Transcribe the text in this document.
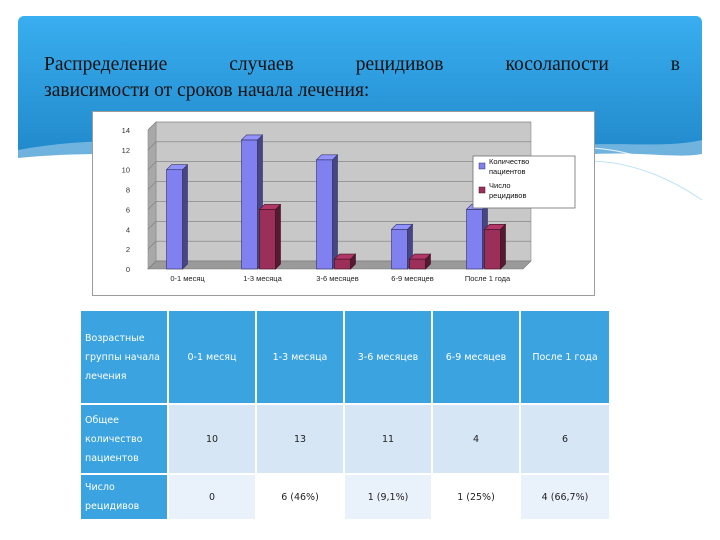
Распределение случаев рецидивов косолапости в
зависимости от сроков начала лечения:
0
2
4
6
8
10
12
14
0-1 месяц	1-3 месяца	3-6 месяцев	6-9 месяцев	После 1 года
Количество пациентов
Число рецидивов
Возрастные группы начала лечения	0-1 месяц	1-3 месяца	3-6 месяцев	6-9 месяцев	После 1 года
Общее количество пациентов	10	13	11	4	6
Число рецидивов	0	6 (46%)	1 (9,1%)	1 (25%)	4 (66,7%)
